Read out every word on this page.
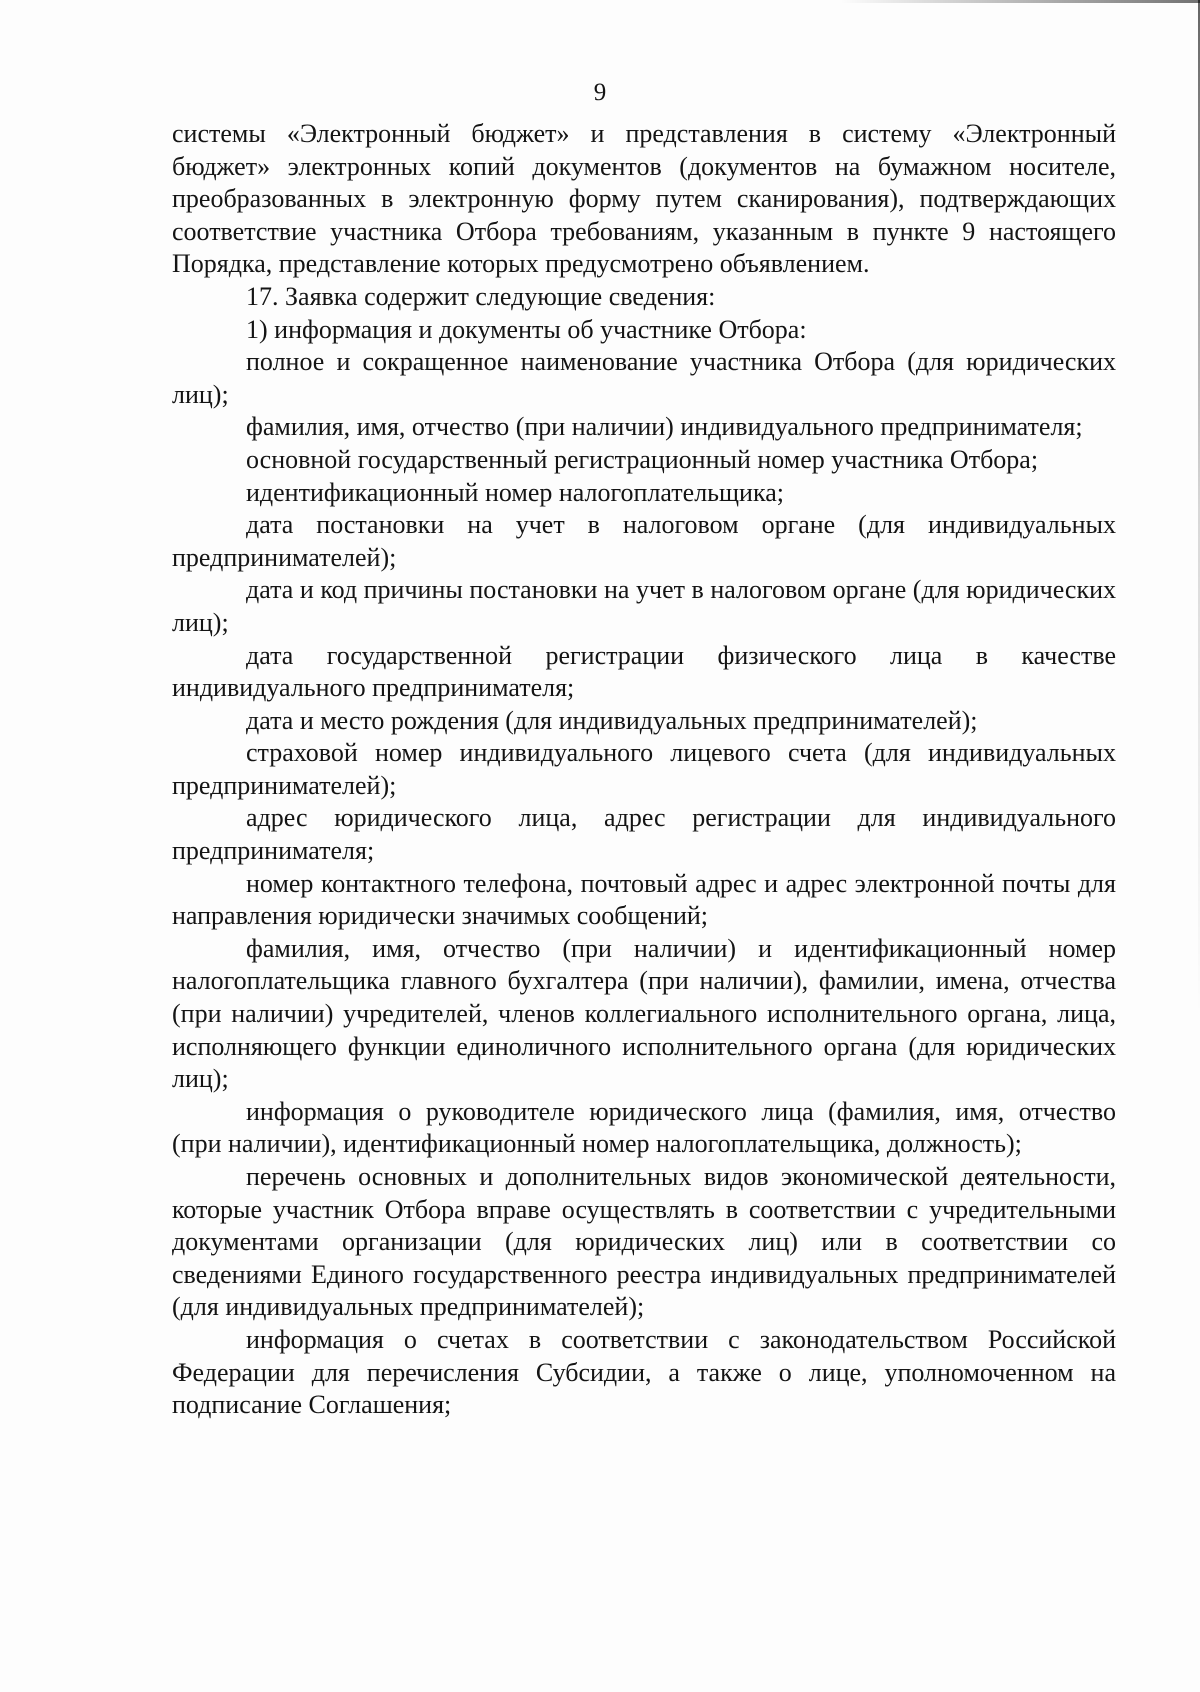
9

системы «Электронный бюджет» и представления в систему «Электронный бюджет» электронных копий документов (документов на бумажном носителе, преобразованных в электронную форму путем сканирования), подтверждающих соответствие участника Отбора требованиям, указанным в пункте 9 настоящего Порядка, представление которых предусмотрено объявлением.

17. Заявка содержит следующие сведения:

1) информация и документы об участнике Отбора:

полное и сокращенное наименование участника Отбора (для юридических лиц);

фамилия, имя, отчество (при наличии) индивидуального предпринимателя;

основной государственный регистрационный номер участника Отбора;

идентификационный номер налогоплательщика;

дата постановки на учет в налоговом органе (для индивидуальных предпринимателей);

дата и код причины постановки на учет в налоговом органе (для юридических лиц);

дата государственной регистрации физического лица в качестве индивидуального предпринимателя;

дата и место рождения (для индивидуальных предпринимателей);

страховой номер индивидуального лицевого счета (для индивидуальных предпринимателей);

адрес юридического лица, адрес регистрации для индивидуального предпринимателя;

номер контактного телефона, почтовый адрес и адрес электронной почты для направления юридически значимых сообщений;

фамилия, имя, отчество (при наличии) и идентификационный номер налогоплательщика главного бухгалтера (при наличии), фамилии, имена, отчества (при наличии) учредителей, членов коллегиального исполнительного органа, лица, исполняющего функции единоличного исполнительного органа (для юридических лиц);

информация о руководителе юридического лица (фамилия, имя, отчество (при наличии), идентификационный номер налогоплательщика, должность);

перечень основных и дополнительных видов экономической деятельности, которые участник Отбора вправе осуществлять в соответствии с учредительными документами организации (для юридических лиц) или в соответствии со сведениями Единого государственного реестра индивидуальных предпринимателей (для индивидуальных предпринимателей);

информация о счетах в соответствии с законодательством Российской Федерации для перечисления Субсидии, а также о лице, уполномоченном на подписание Соглашения;
